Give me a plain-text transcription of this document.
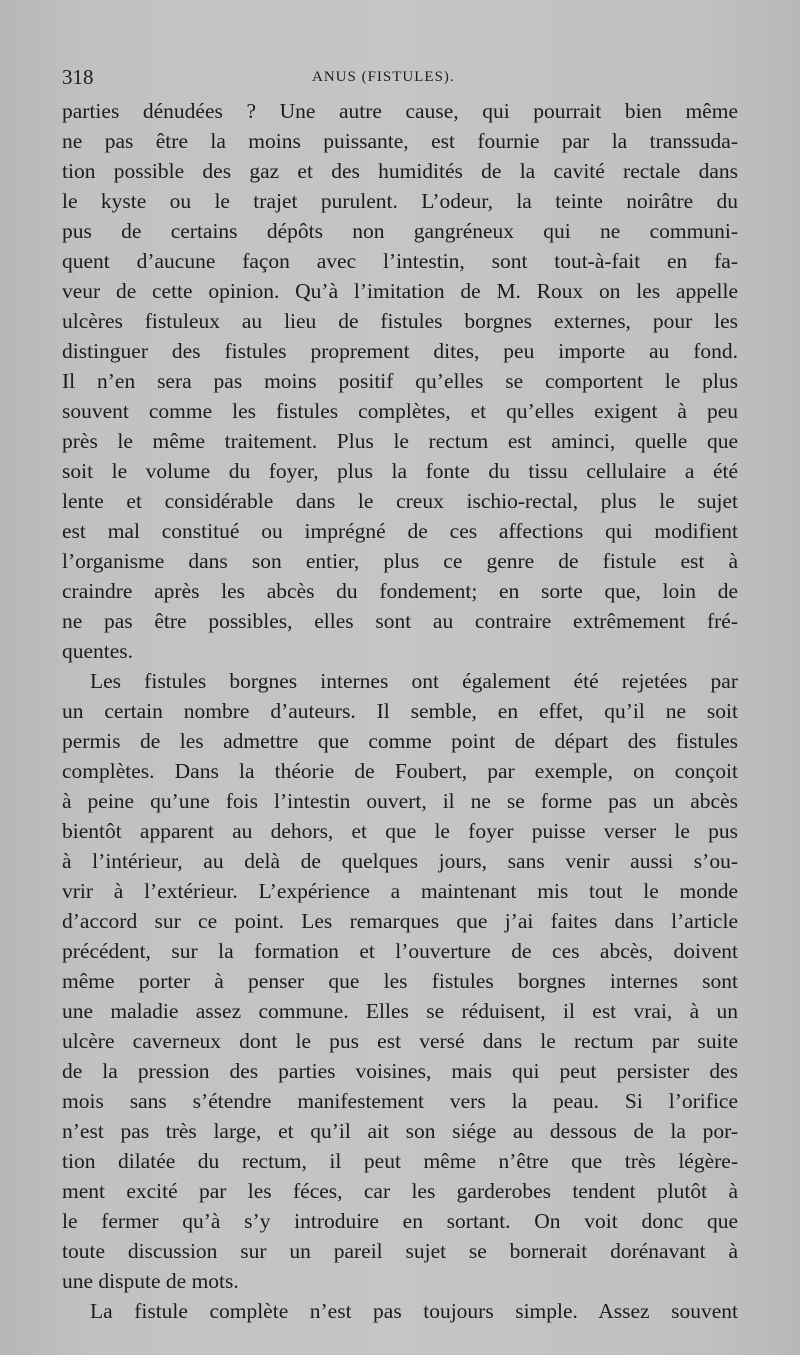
318	ANUS (FISTULES).
parties dénudées ? Une autre cause, qui pourrait bien même
ne pas être la moins puissante, est fournie par la transsuda-
tion possible des gaz et des humidités de la cavité rectale dans
le kyste ou le trajet purulent. L’odeur, la teinte noirâtre du
pus de certains dépôts non gangréneux qui ne communi-
quent d’aucune façon avec l’intestin, sont tout-à-fait en fa-
veur de cette opinion. Qu’à l’imitation de M. Roux on les appelle
ulcères fistuleux au lieu de fistules borgnes externes, pour les
distinguer des fistules proprement dites, peu importe au fond.
Il n’en sera pas moins positif qu’elles se comportent le plus
souvent comme les fistules complètes, et qu’elles exigent à peu
près le même traitement. Plus le rectum est aminci, quelle que
soit le volume du foyer, plus la fonte du tissu cellulaire a été
lente et considérable dans le creux ischio-rectal, plus le sujet
est mal constitué ou imprégné de ces affections qui modifient
l’organisme dans son entier, plus ce genre de fistule est à
craindre après les abcès du fondement; en sorte que, loin de
ne pas être possibles, elles sont au contraire extrêmement fré-
quentes.
Les fistules borgnes internes ont également été rejetées par
un certain nombre d’auteurs. Il semble, en effet, qu’il ne soit
permis de les admettre que comme point de départ des fistules
complètes. Dans la théorie de Foubert, par exemple, on conçoit
à peine qu’une fois l’intestin ouvert, il ne se forme pas un abcès
bientôt apparent au dehors, et que le foyer puisse verser le pus
à l’intérieur, au delà de quelques jours, sans venir aussi s’ou-
vrir à l’extérieur. L’expérience a maintenant mis tout le monde
d’accord sur ce point. Les remarques que j’ai faites dans l’article
précédent, sur la formation et l’ouverture de ces abcès, doivent
même porter à penser que les fistules borgnes internes sont
une maladie assez commune. Elles se réduisent, il est vrai, à un
ulcère caverneux dont le pus est versé dans le rectum par suite
de la pression des parties voisines, mais qui peut persister des
mois sans s’étendre manifestement vers la peau. Si l’orifice
n’est pas très large, et qu’il ait son siége au dessous de la por-
tion dilatée du rectum, il peut même n’être que très légère-
ment excité par les féces, car les garderobes tendent plutôt à
le fermer qu’à s’y introduire en sortant. On voit donc que
toute discussion sur un pareil sujet se bornerait dorénavant à
une dispute de mots.
La fistule complète n’est pas toujours simple. Assez souvent
